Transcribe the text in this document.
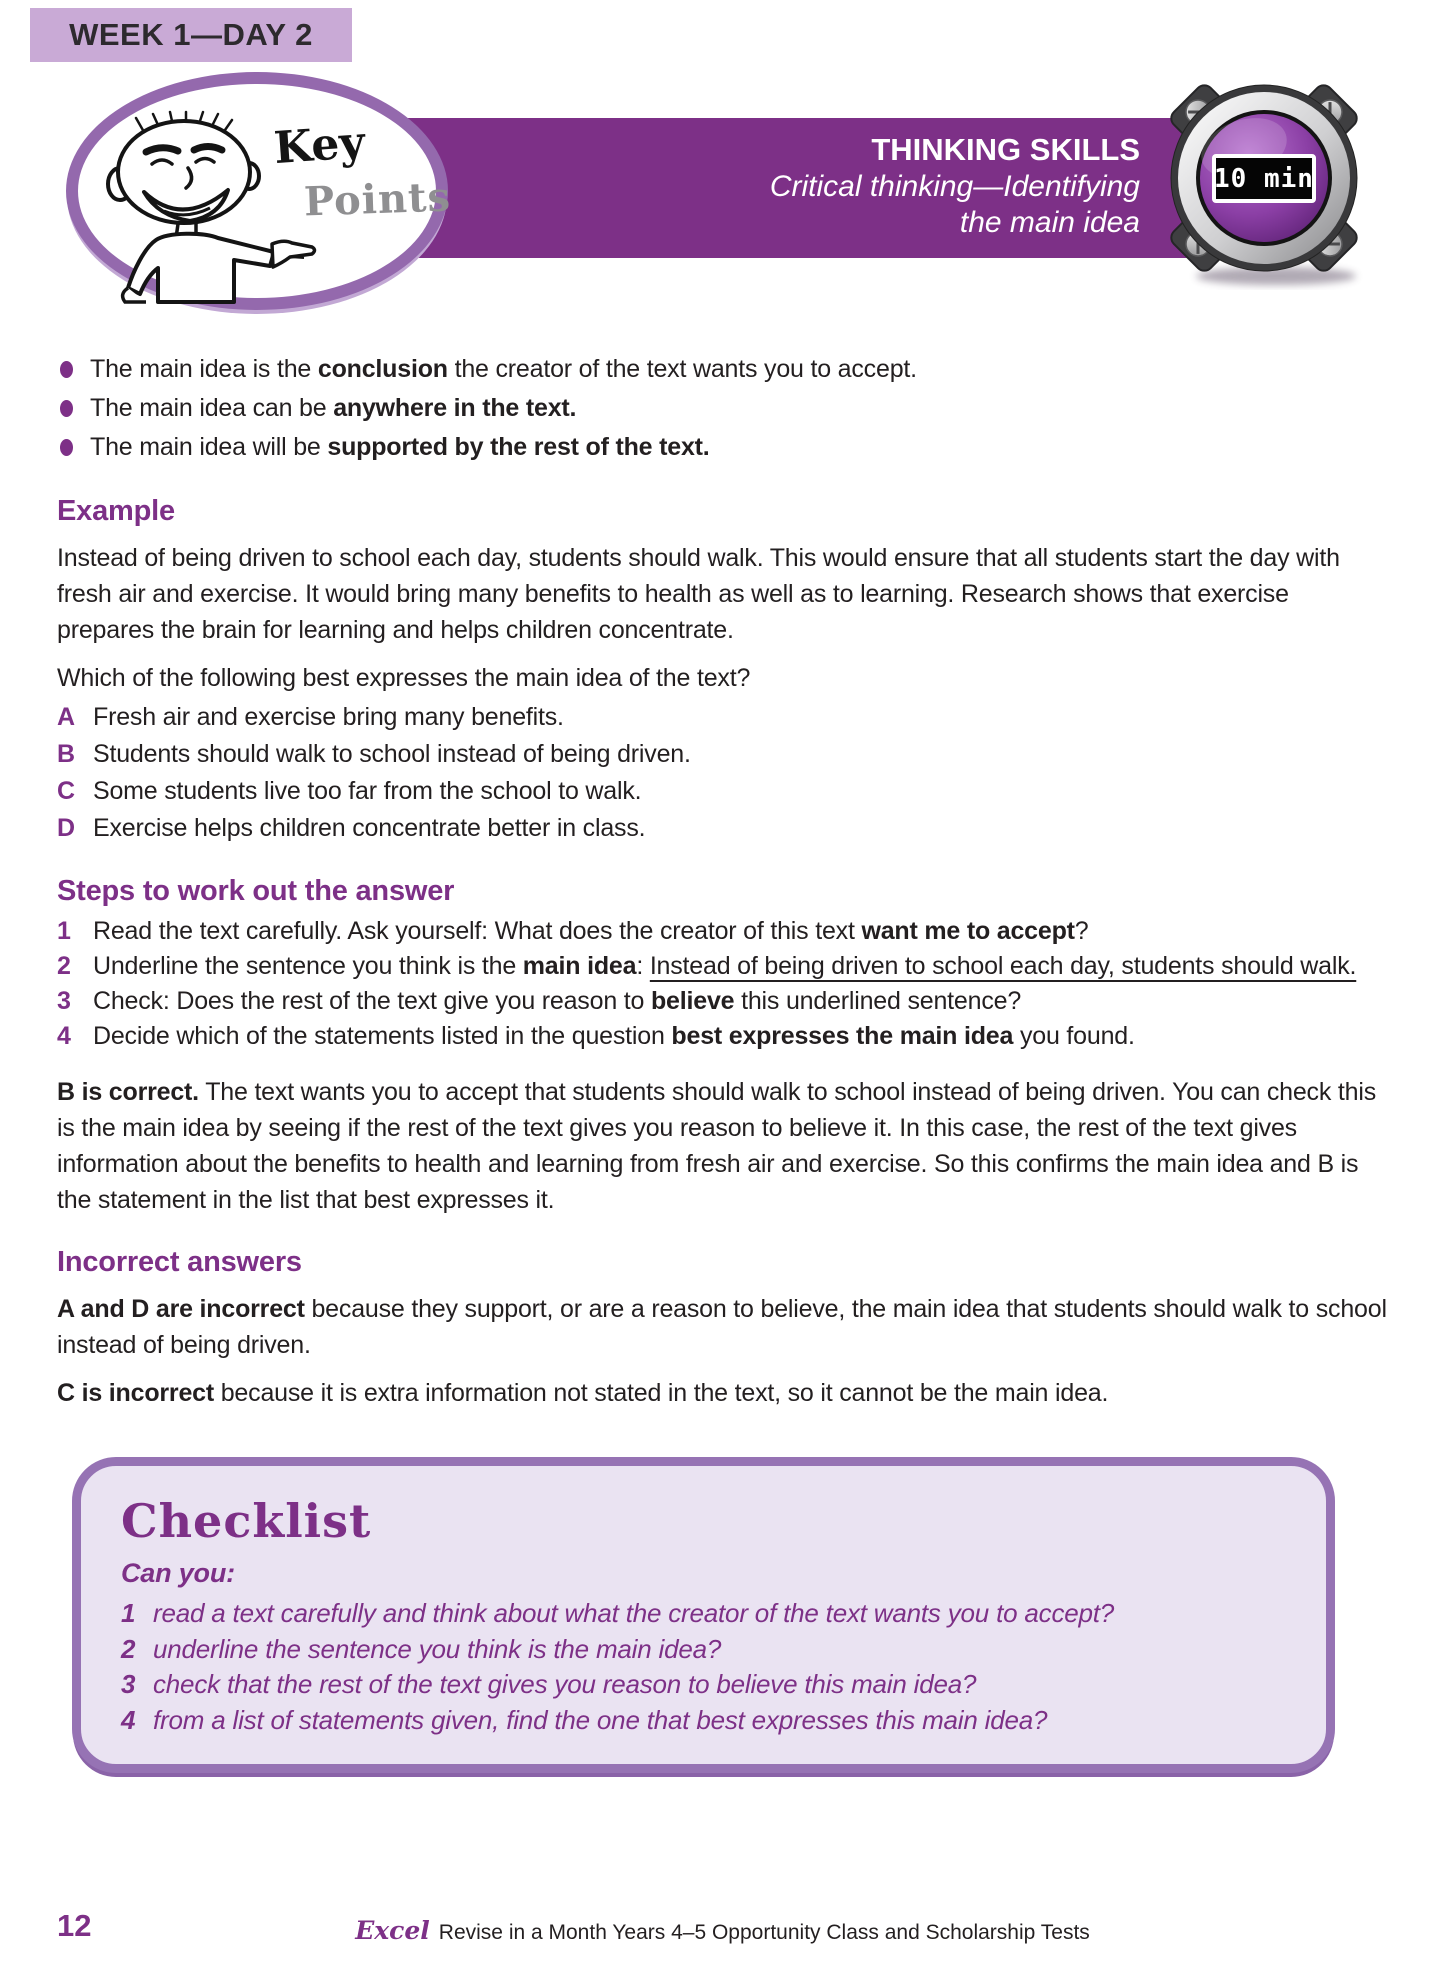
WEEK 1—DAY 2
THINKING SKILLS
Critical thinking—Identifying
the main idea
Key
Points	10 min
The main idea is the conclusion the creator of the text wants you to accept.
The main idea can be anywhere in the text.
The main idea will be supported by the rest of the text.
Example

Instead of being driven to school each day, students should walk. This would ensure that all students start the day with fresh air and exercise. It would bring many benefits to health as well as to learning. Research shows that exercise prepares the brain for learning and helps children concentrate.

Which of the following best expresses the main idea of the text?

A Fresh air and exercise bring many benefits.
B Students should walk to school instead of being driven.
C Some students live too far from the school to walk.
D Exercise helps children concentrate better in class.
Steps to work out the answer
1 Read the text carefully. Ask yourself: What does the creator of this text want me to accept?
2 Underline the sentence you think is the main idea: Instead of being driven to school each day, students should walk.
3 Check: Does the rest of the text give you reason to believe this underlined sentence?
4 Decide which of the statements listed in the question best expresses the main idea you found.

B is correct. The text wants you to accept that students should walk to school instead of being driven. You can check this is the main idea by seeing if the rest of the text gives you reason to believe it. In this case, the rest of the text gives information about the benefits to health and learning from fresh air and exercise. So this confirms the main idea and B is the statement in the list that best expresses it.

Incorrect answers

A and D are incorrect because they support, or are a reason to believe, the main idea that students should walk to school instead of being driven.

C is incorrect because it is extra information not stated in the text, so it cannot be the main idea.

Checklist
Can you:
1 read a text carefully and think about what the creator of the text wants you to accept?
2 underline the sentence you think is the main idea?
3 check that the rest of the text gives you reason to believe this main idea?
4 from a list of statements given, find the one that best expresses this main idea?
12	Excel Revise in a Month Years 4–5 Opportunity Class and Scholarship Tests
